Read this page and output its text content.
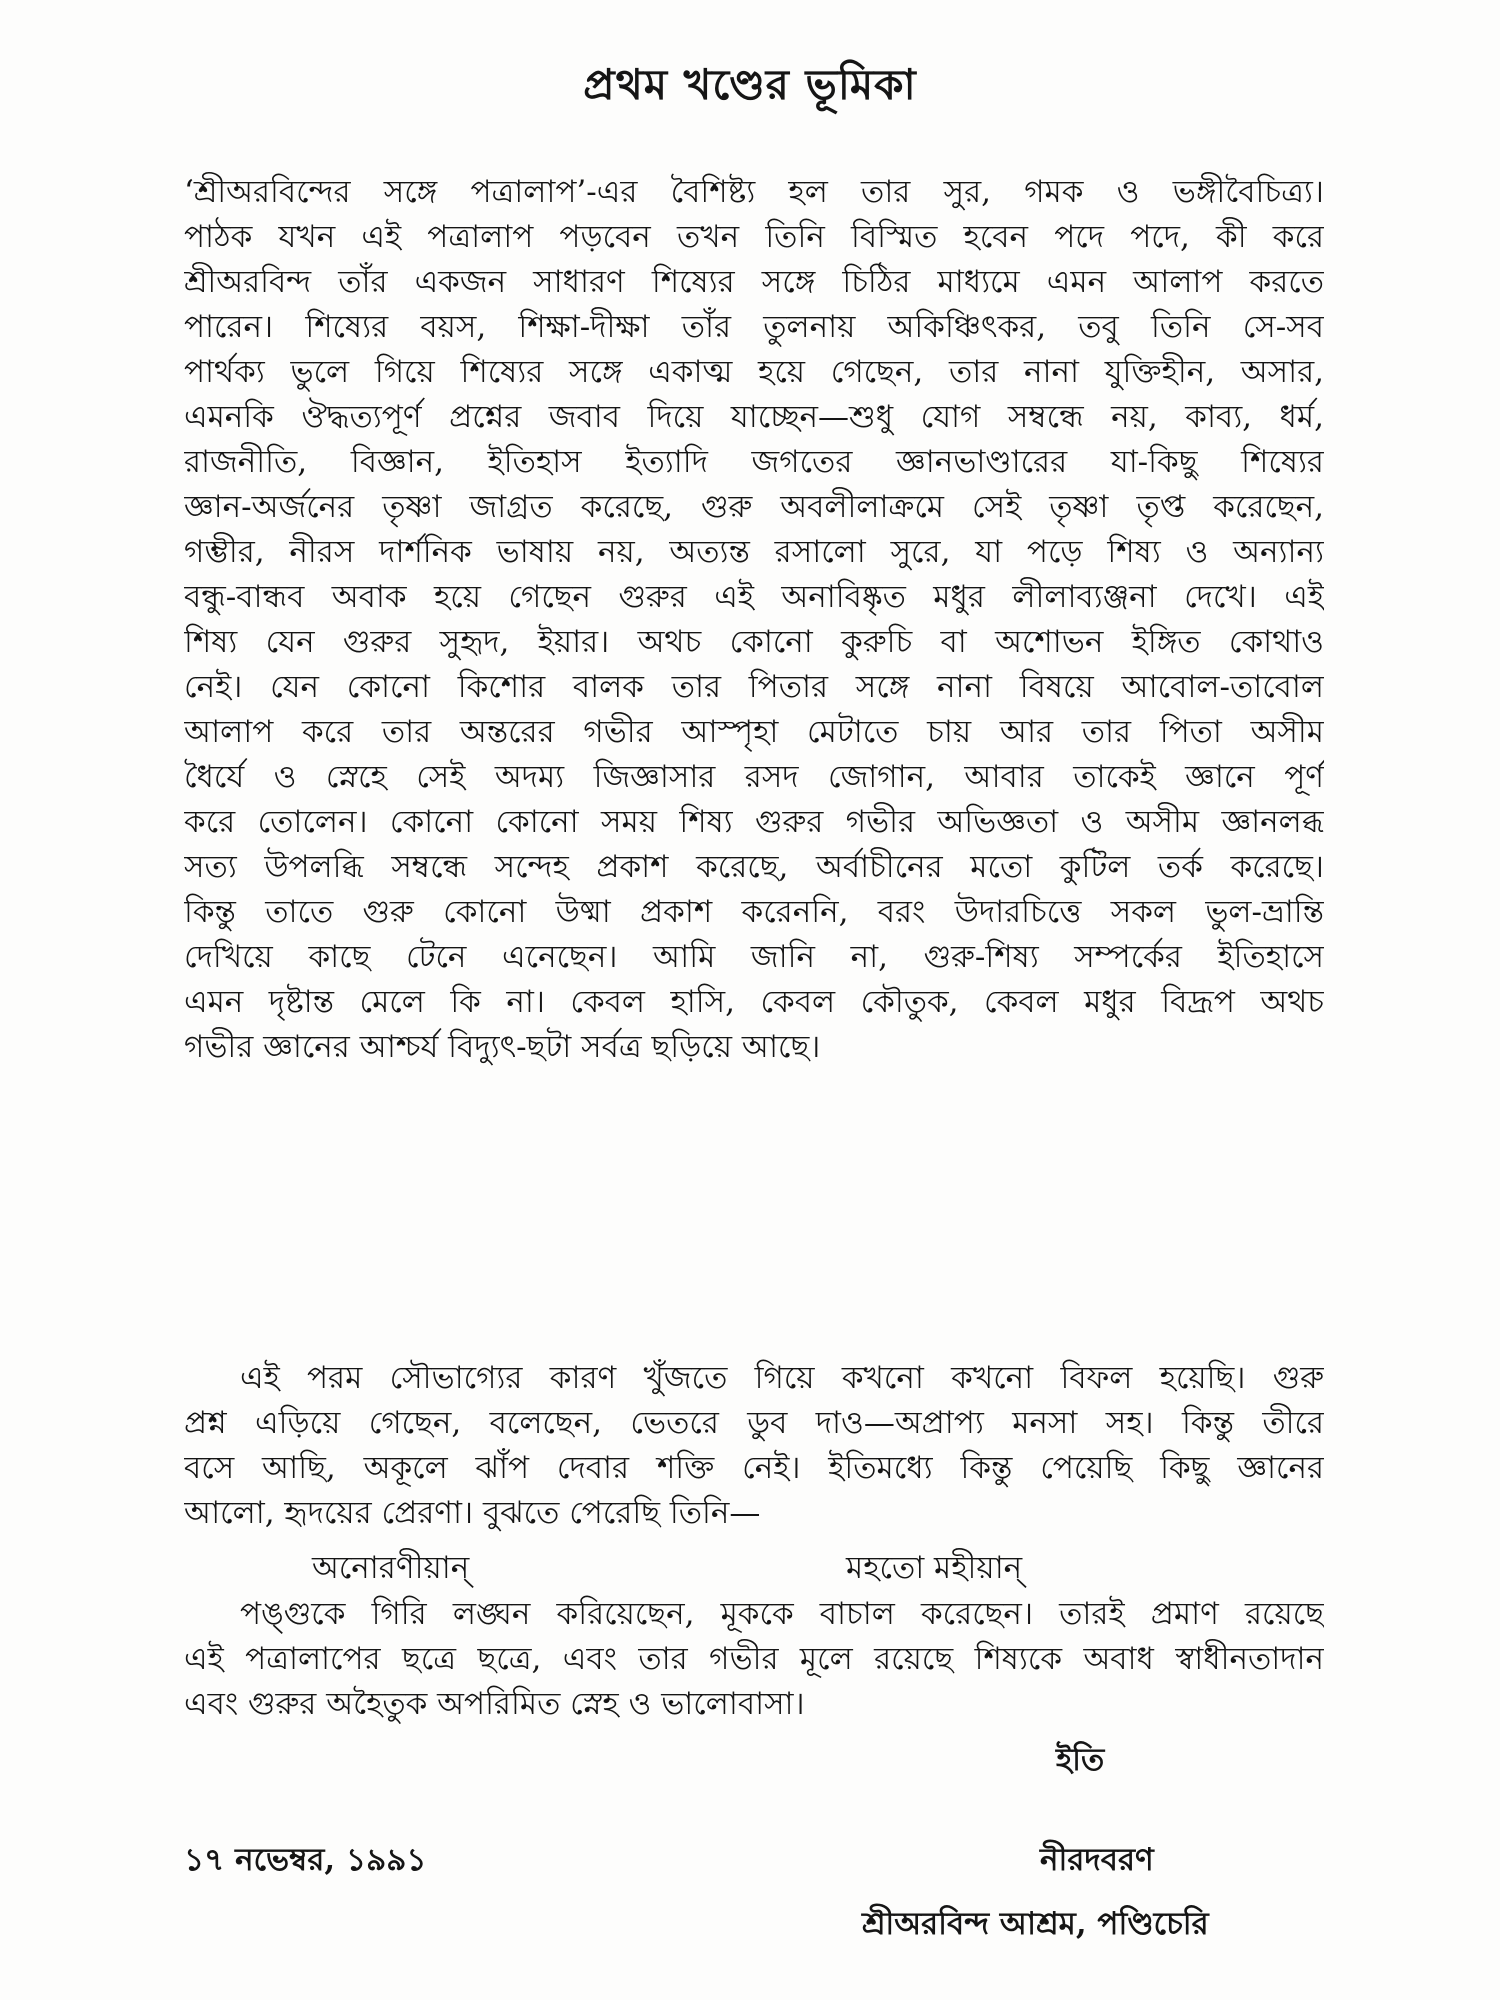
প্রথম খণ্ডের ভূমিকা
‘শ্রীঅরবিন্দের সঙ্গে পত্রালাপ’-এর বৈশিষ্ট্য হল তার সুর, গমক ও ভঙ্গীবৈচিত্র্য।
পাঠক যখন এই পত্রালাপ পড়বেন তখন তিনি বিস্মিত হবেন পদে পদে, কী করে
শ্রীঅরবিন্দ তাঁর একজন সাধারণ শিষ্যের সঙ্গে চিঠির মাধ্যমে এমন আলাপ করতে
পারেন। শিষ্যের বয়স, শিক্ষা-দীক্ষা তাঁর তুলনায় অকিঞ্চিৎকর, তবু তিনি সে-সব
পার্থক্য ভুলে গিয়ে শিষ্যের সঙ্গে একাত্ম হয়ে গেছেন, তার নানা যুক্তিহীন, অসার,
এমনকি ঔদ্ধত্যপূর্ণ প্রশ্নের জবাব দিয়ে যাচ্ছেন—শুধু যোগ সম্বন্ধে নয়, কাব্য, ধর্ম,
রাজনীতি, বিজ্ঞান, ইতিহাস ইত্যাদি জগতের জ্ঞানভাণ্ডারের যা-কিছু শিষ্যের
জ্ঞান-অর্জনের তৃষ্ণা জাগ্রত করেছে, গুরু অবলীলাক্রমে সেই তৃষ্ণা তৃপ্ত করেছেন,
গম্ভীর, নীরস দার্শনিক ভাষায় নয়, অত্যন্ত রসালো সুরে, যা পড়ে শিষ্য ও অন্যান্য
বন্ধু-বান্ধব অবাক হয়ে গেছেন গুরুর এই অনাবিষ্কৃত মধুর লীলাব্যঞ্জনা দেখে। এই
শিষ্য যেন গুরুর সুহৃদ, ইয়ার। অথচ কোনো কুরুচি বা অশোভন ইঙ্গিত কোথাও
নেই। যেন কোনো কিশোর বালক তার পিতার সঙ্গে নানা বিষয়ে আবোল-তাবোল
আলাপ করে তার অন্তরের গভীর আস্পৃহা মেটাতে চায় আর তার পিতা অসীম
ধৈর্যে ও স্নেহে সেই অদম্য জিজ্ঞাসার রসদ জোগান, আবার তাকেই জ্ঞানে পূর্ণ
করে তোলেন। কোনো কোনো সময় শিষ্য গুরুর গভীর অভিজ্ঞতা ও অসীম জ্ঞানলব্ধ
সত্য উপলব্ধি সম্বন্ধে সন্দেহ প্রকাশ করেছে, অর্বাচীনের মতো কুটিল তর্ক করেছে।
কিন্তু তাতে গুরু কোনো উষ্মা প্রকাশ করেননি, বরং উদারচিত্তে সকল ভুল-ভ্রান্তি
দেখিয়ে কাছে টেনে এনেছেন। আমি জানি না, গুরু-শিষ্য সম্পর্কের ইতিহাসে
এমন দৃষ্টান্ত মেলে কি না। কেবল হাসি, কেবল কৌতুক, কেবল মধুর বিদ্রূপ অথচ
গভীর জ্ঞানের আশ্চর্য বিদ্যুৎ-ছটা সর্বত্র ছড়িয়ে আছে।
এই পরম সৌভাগ্যের কারণ খুঁজতে গিয়ে কখনো কখনো বিফল হয়েছি। গুরু
প্রশ্ন এড়িয়ে গেছেন, বলেছেন, ভেতরে ডুব দাও—অপ্রাপ্য মনসা সহ। কিন্তু তীরে
বসে আছি, অকূলে ঝাঁপ দেবার শক্তি নেই। ইতিমধ্যে কিন্তু পেয়েছি কিছু জ্ঞানের
আলো, হৃদয়ের প্রেরণা। বুঝতে পেরেছি তিনি—
অনোরণীয়ান্	মহতো মহীয়ান্
পঙ্গুকে গিরি লঙ্ঘন করিয়েছেন, মূককে বাচাল করেছেন। তারই প্রমাণ রয়েছে
এই পত্রালাপের ছত্রে ছত্রে, এবং তার গভীর মূলে রয়েছে শিষ্যকে অবাধ স্বাধীনতাদান
এবং গুরুর অহৈতুক অপরিমিত স্নেহ ও ভালোবাসা।
ইতি
১৭ নভেম্বর, ১৯৯১	নীরদবরণ
শ্রীঅরবিন্দ আশ্রম, পণ্ডিচেরি
